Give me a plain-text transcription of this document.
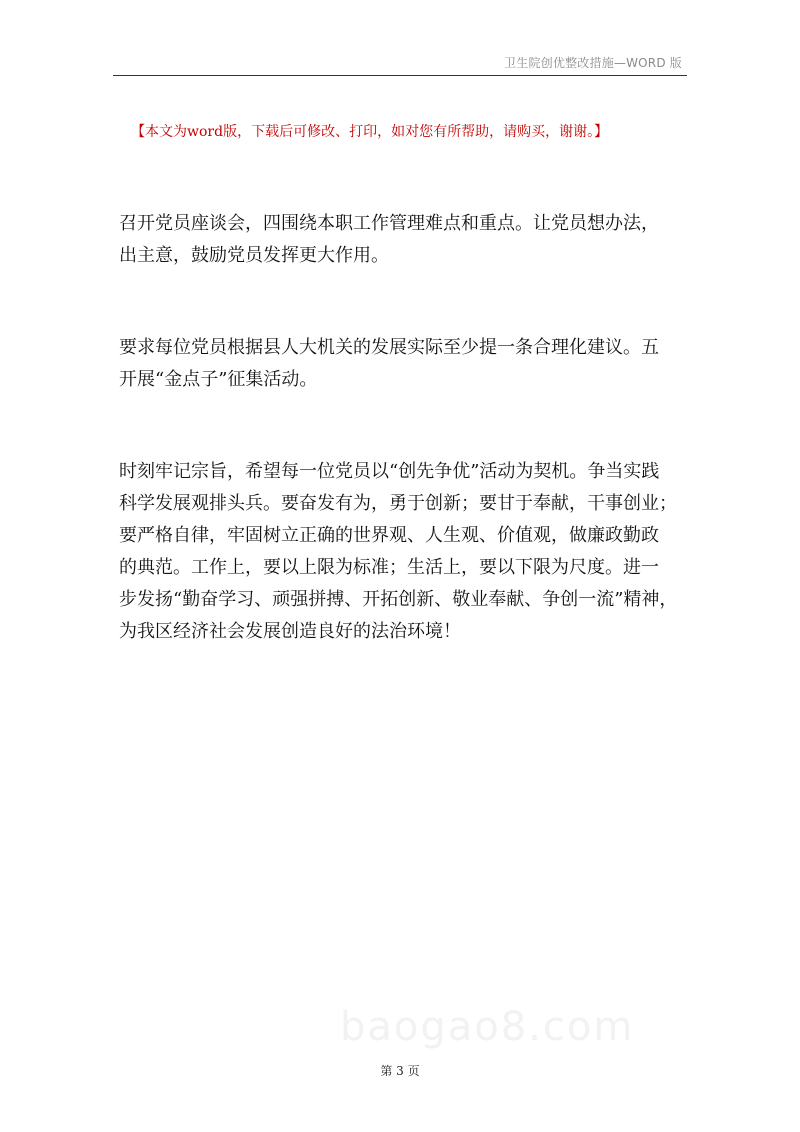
卫生院创优整改措施—WORD 版
【本文为word版，下载后可修改、打印，如对您有所帮助，请购买，谢谢。】
召开党员座谈会，四围绕本职工作管理难点和重点。让党员想办法，
出主意，鼓励党员发挥更大作用。
要求每位党员根据县人大机关的发展实际至少提一条合理化建议。五
开展“金点子”征集活动。
时刻牢记宗旨，希望每一位党员以“创先争优”活动为契机。争当实践
科学发展观排头兵。要奋发有为，勇于创新；要甘于奉献，干事创业；
要严格自律，牢固树立正确的世界观、人生观、价值观，做廉政勤政
的典范。工作上，要以上限为标准；生活上，要以下限为尺度。进一
步发扬“勤奋学习、顽强拼搏、开拓创新、敬业奉献、争创一流”精神，
为我区经济社会发展创造良好的法治环境！
baogao8.com
第 3 页
